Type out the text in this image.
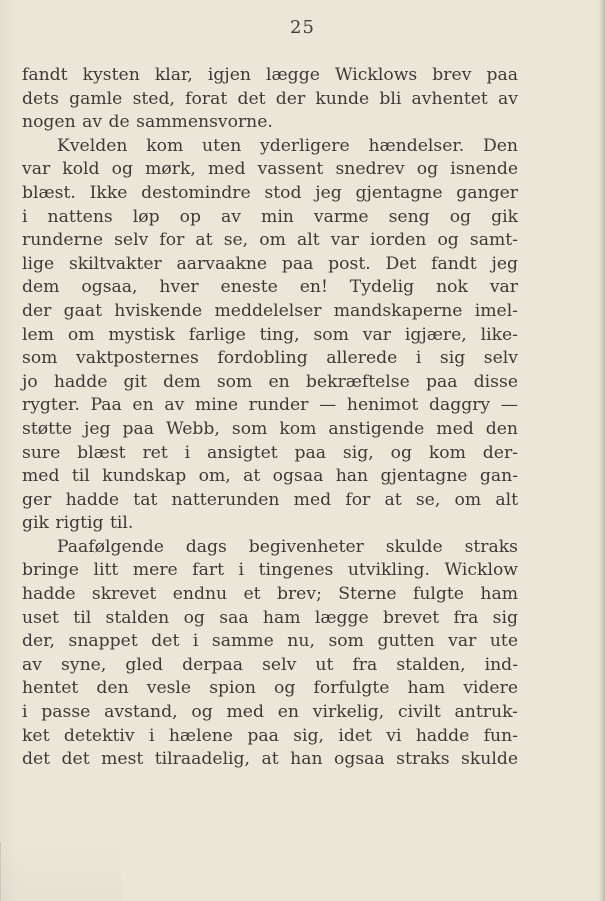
25
fandt kysten klar, igjen lægge Wicklows brev paa
dets gamle sted, forat det der kunde bli avhentet av
nogen av de sammensvorne.
Kvelden kom uten yderligere hændelser. Den
var kold og mørk, med vassent snedrev og isnende
blæst. Ikke destomindre stod jeg gjentagne ganger
i nattens løp op av min varme seng og gik
runderne selv for at se, om alt var iorden og samt-
lige skiltvakter aarvaakne paa post. Det fandt jeg
dem ogsaa, hver eneste en! Tydelig nok var
der gaat hviskende meddelelser mandskaperne imel-
lem om mystisk farlige ting, som var igjære, like-
som vaktposternes fordobling allerede i sig selv
jo hadde git dem som en bekræftelse paa disse
rygter. Paa en av mine runder — henimot daggry —
støtte jeg paa Webb, som kom anstigende med den
sure blæst ret i ansigtet paa sig, og kom der-
med til kundskap om, at ogsaa han gjentagne gan-
ger hadde tat natterunden med for at se, om alt
gik rigtig til.
Paafølgende dags begivenheter skulde straks
bringe litt mere fart i tingenes utvikling. Wicklow
hadde skrevet endnu et brev; Sterne fulgte ham
uset til stalden og saa ham lægge brevet fra sig
der, snappet det i samme nu, som gutten var ute
av syne, gled derpaa selv ut fra stalden, ind-
hentet den vesle spion og forfulgte ham videre
i passe avstand, og med en virkelig, civilt antruk-
ket detektiv i hælene paa sig, idet vi hadde fun-
det det mest tilraadelig, at han ogsaa straks skulde
